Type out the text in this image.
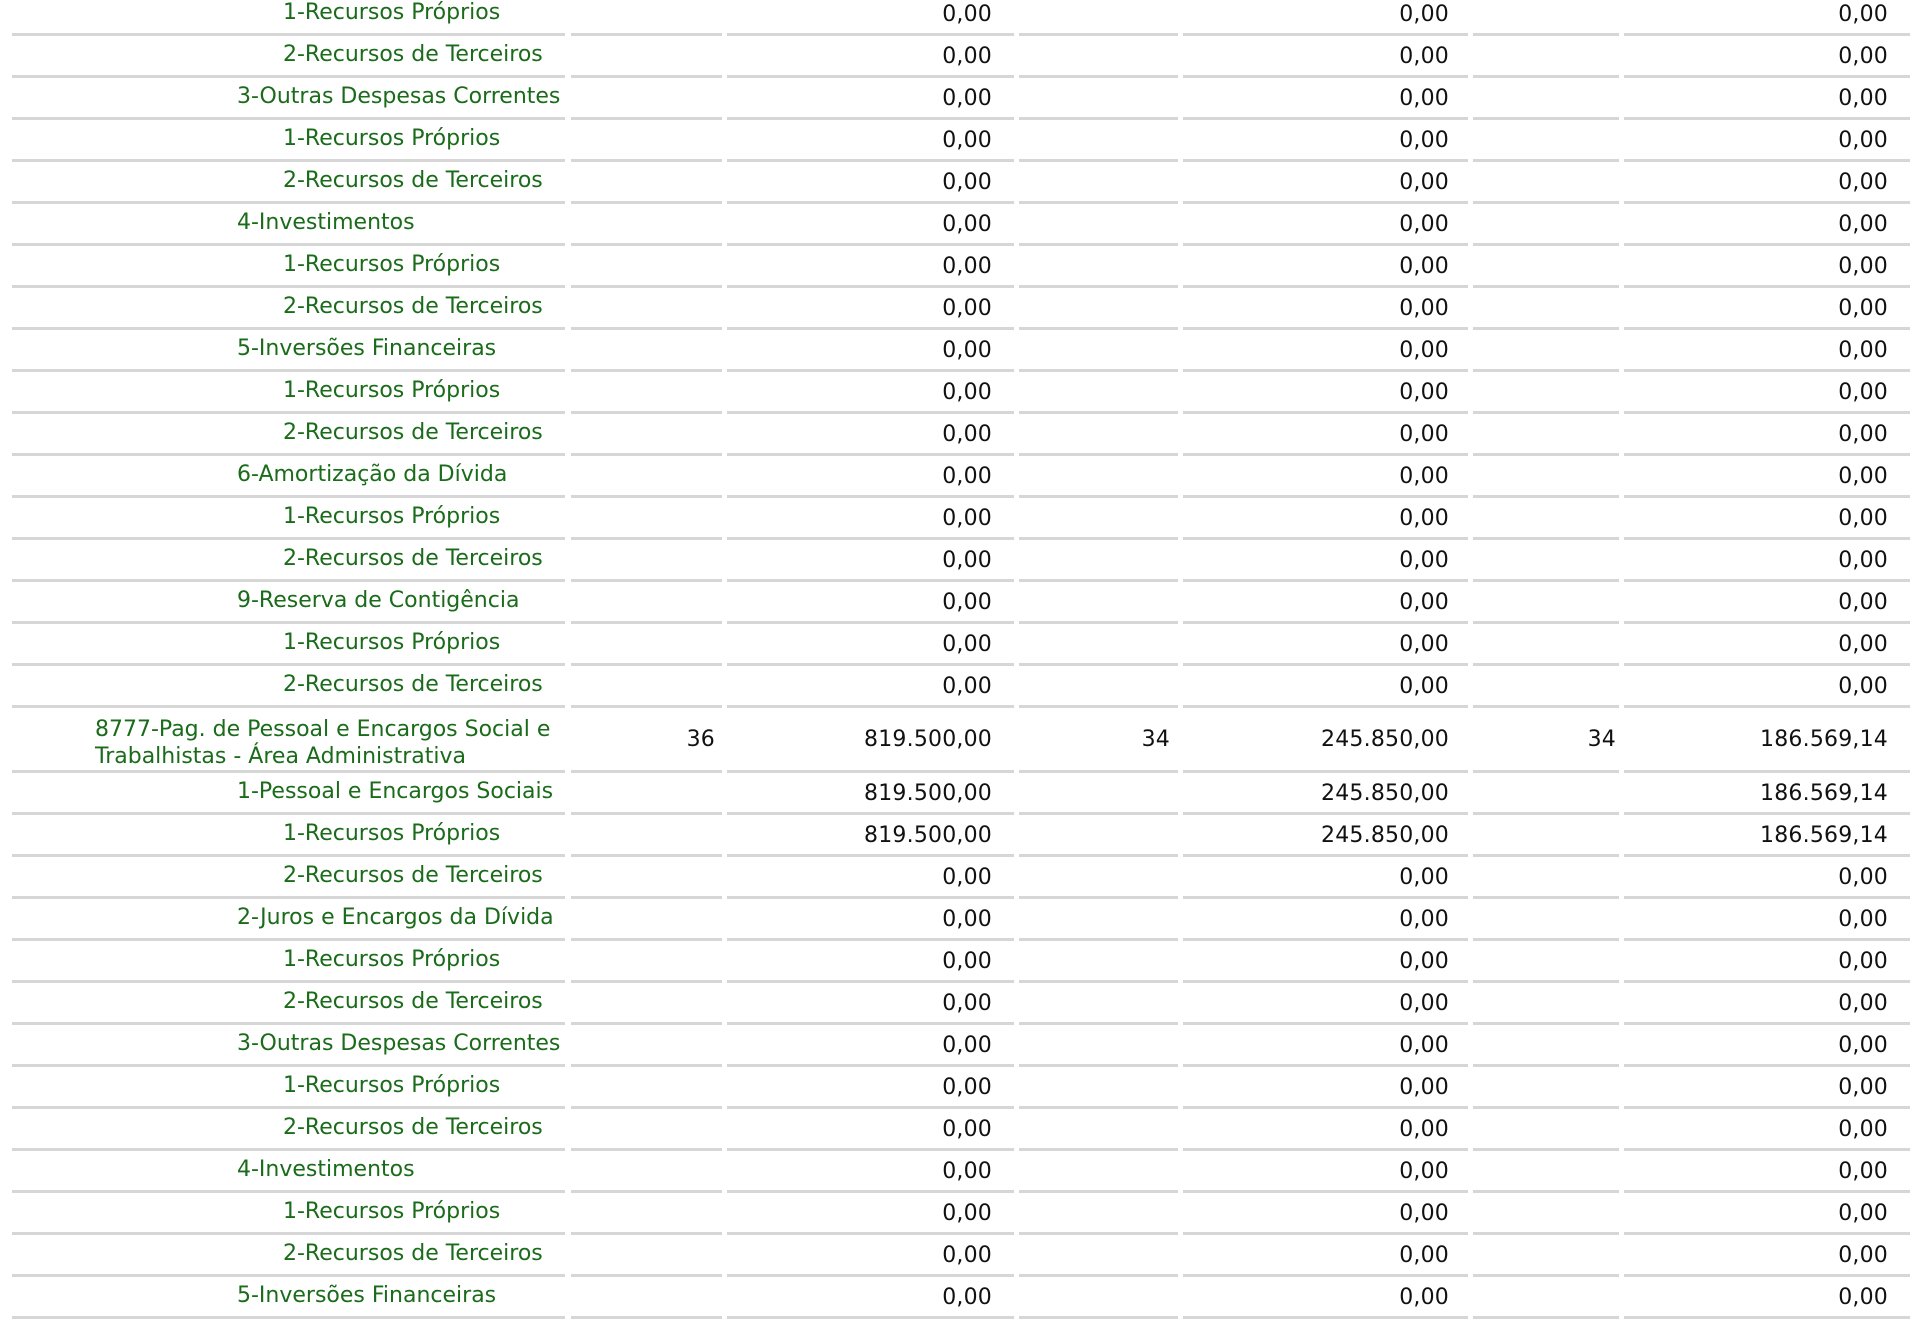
1-Recursos Próprios	0,00	0,00	0,00
2-Recursos de Terceiros	0,00	0,00	0,00
3-Outras Despesas Correntes	0,00	0,00	0,00
1-Recursos Próprios	0,00	0,00	0,00
2-Recursos de Terceiros	0,00	0,00	0,00
4-Investimentos	0,00	0,00	0,00
1-Recursos Próprios	0,00	0,00	0,00
2-Recursos de Terceiros	0,00	0,00	0,00
5-Inversões Financeiras	0,00	0,00	0,00
1-Recursos Próprios	0,00	0,00	0,00
2-Recursos de Terceiros	0,00	0,00	0,00
6-Amortização da Dívida	0,00	0,00	0,00
1-Recursos Próprios	0,00	0,00	0,00
2-Recursos de Terceiros	0,00	0,00	0,00
9-Reserva de Contigência	0,00	0,00	0,00
1-Recursos Próprios	0,00	0,00	0,00
2-Recursos de Terceiros	0,00	0,00	0,00
8777-Pag. de Pessoal e Encargos Social e Trabalhistas - Área Administrativa
36	819.500,00	34	245.850,00	34	186.569,14
1-Pessoal e Encargos Sociais	819.500,00	245.850,00	186.569,14
1-Recursos Próprios	819.500,00	245.850,00	186.569,14
2-Recursos de Terceiros	0,00	0,00	0,00
2-Juros e Encargos da Dívida	0,00	0,00	0,00
1-Recursos Próprios	0,00	0,00	0,00
2-Recursos de Terceiros	0,00	0,00	0,00
3-Outras Despesas Correntes	0,00	0,00	0,00
1-Recursos Próprios	0,00	0,00	0,00
2-Recursos de Terceiros	0,00	0,00	0,00
4-Investimentos	0,00	0,00	0,00
1-Recursos Próprios	0,00	0,00	0,00
2-Recursos de Terceiros	0,00	0,00	0,00
5-Inversões Financeiras	0,00	0,00	0,00
